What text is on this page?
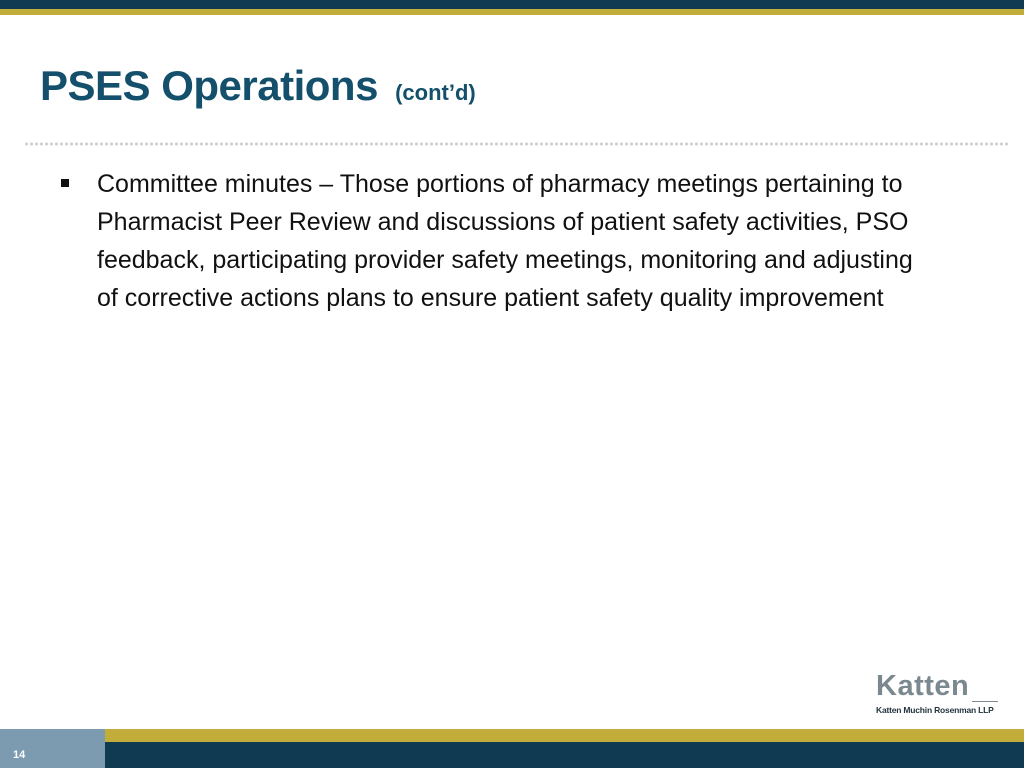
PSES Operations (cont’d)
Committee minutes – Those portions of pharmacy meetings pertaining to Pharmacist Peer Review and discussions of patient safety activities, PSO feedback, participating provider safety meetings, monitoring and adjusting of corrective actions plans to ensure patient safety quality improvement
Katten
Katten Muchin Rosenman LLP
14
